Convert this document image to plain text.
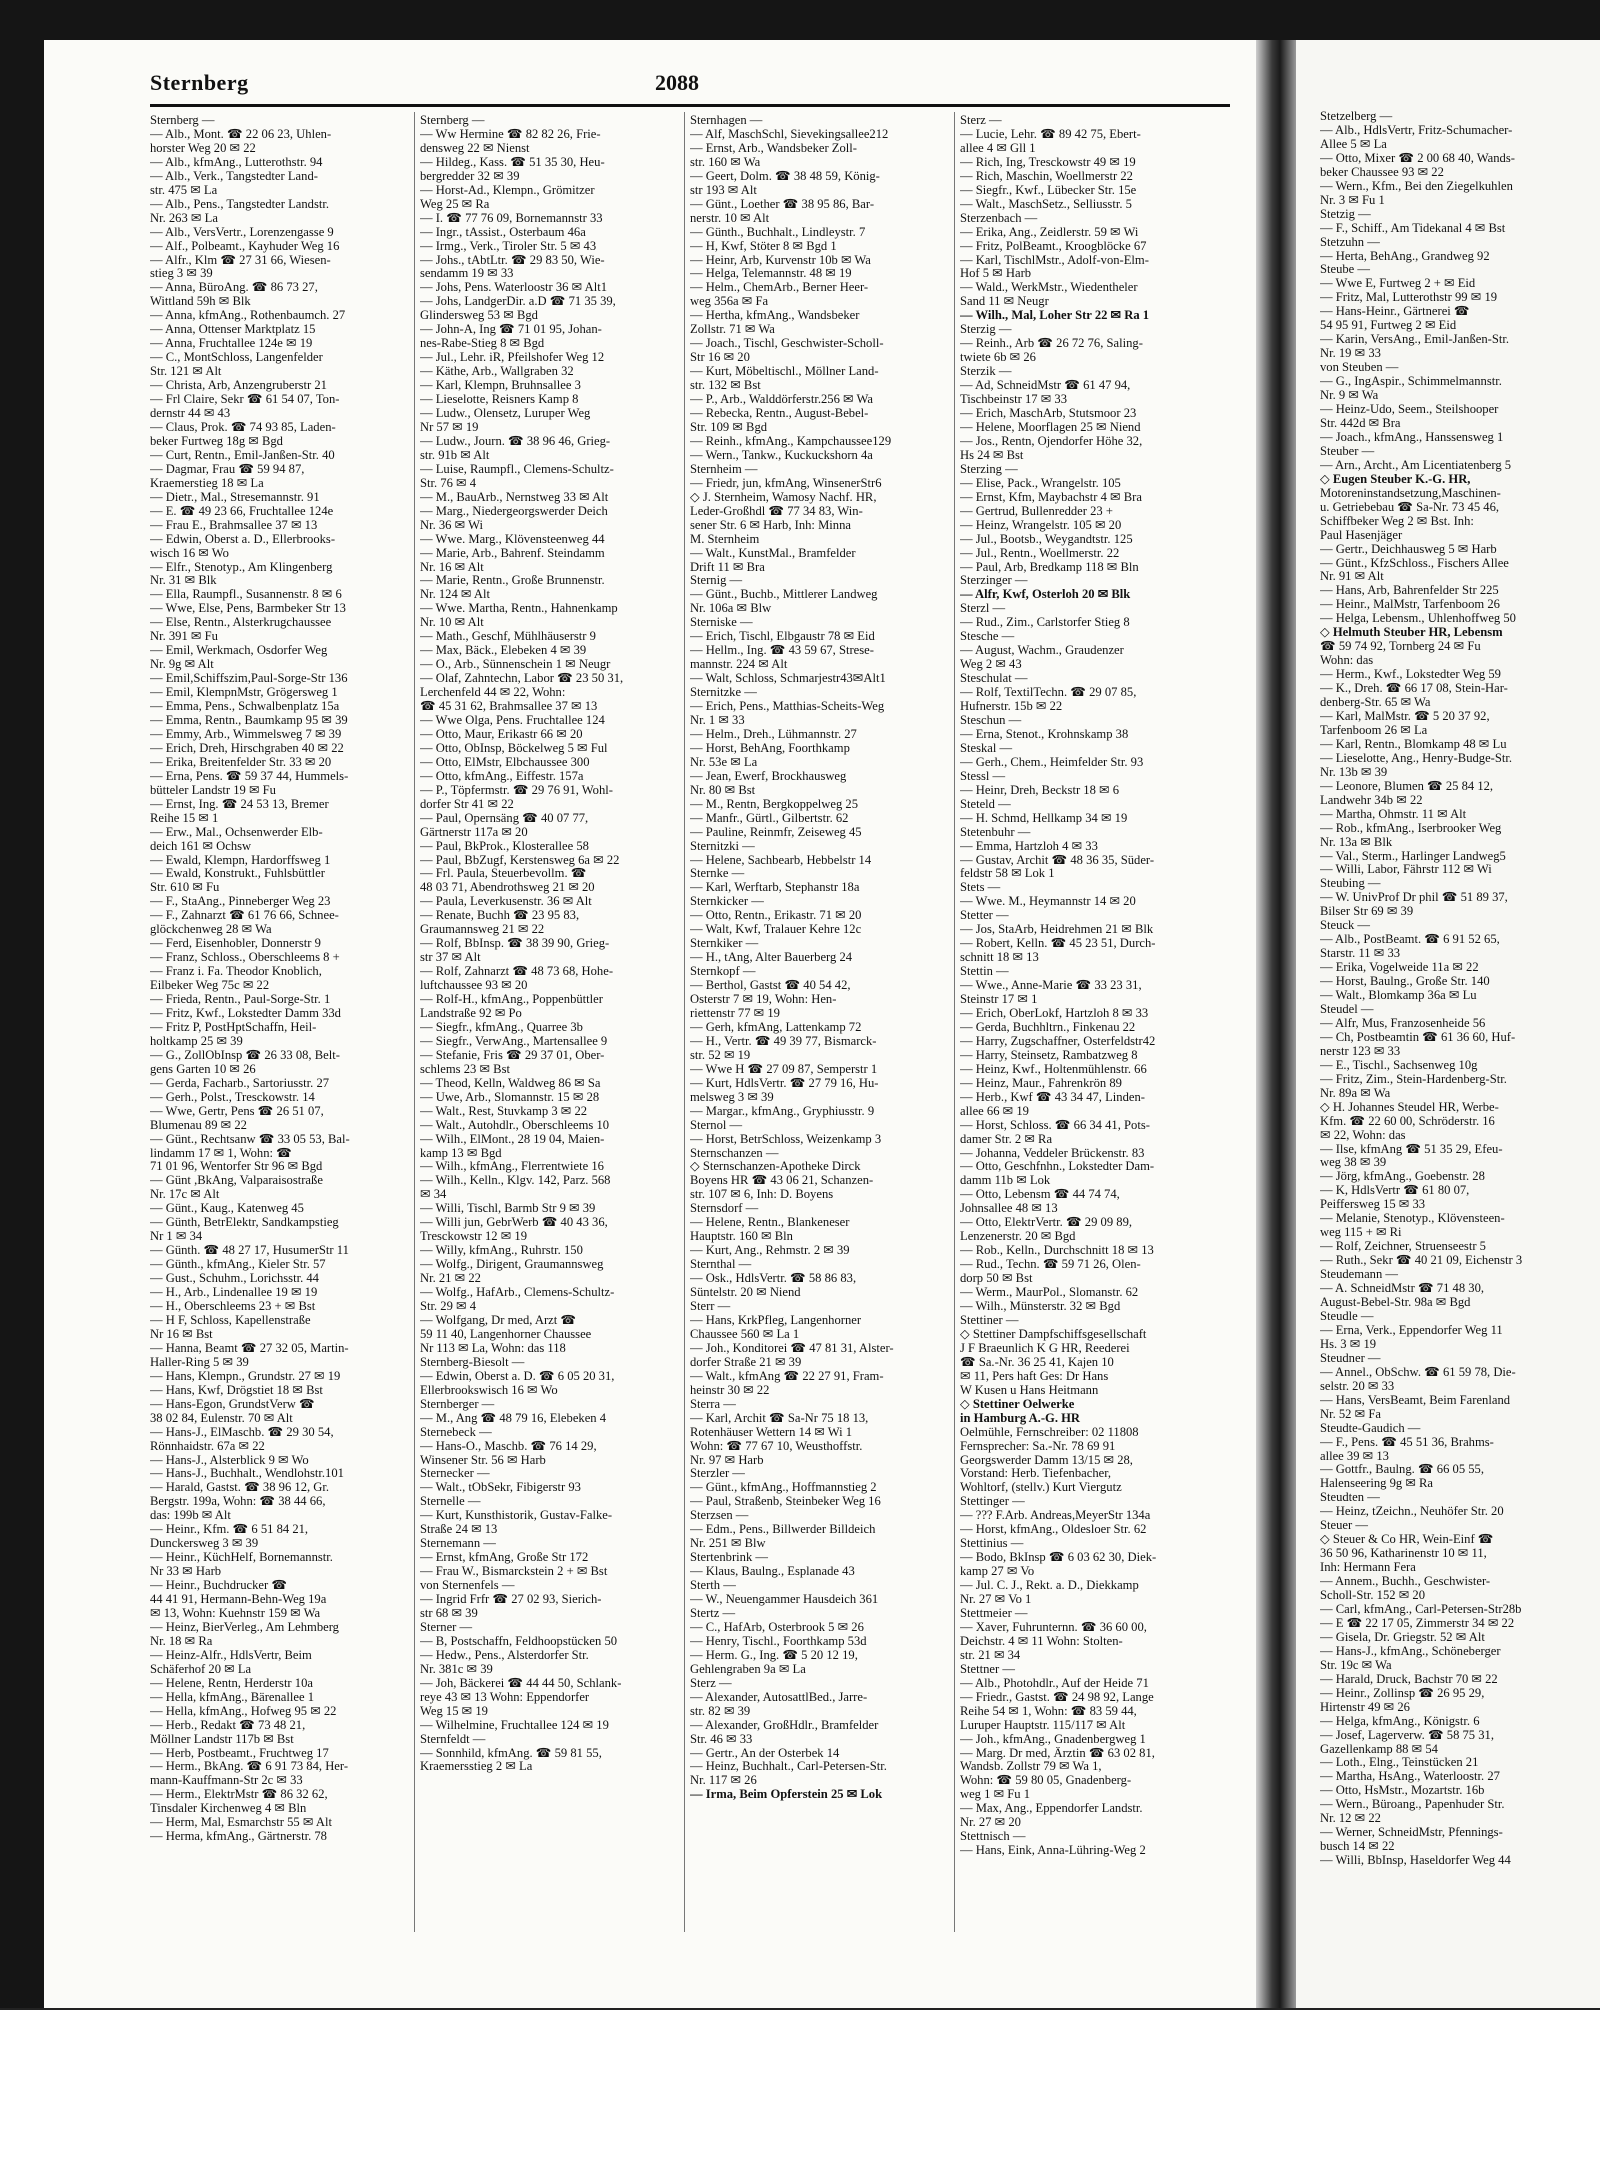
Stetzelberg —
— Alb., HdlsVertr, Fritz-Schumacher-
Allee 5 ✉ La
— Otto, Mixer ☎ 2 00 68 40, Wands-
beker Chaussee 93 ✉ 22
— Wern., Kfm., Bei den Ziegelkuhlen
Nr. 3 ✉ Fu 1
Stetzig —
— F., Schiff., Am Tidekanal 4 ✉ Bst
Stetzuhn —
— Herta, BehAng., Grandweg 92
Steube —
— Wwe E, Furtweg 2 + ✉ Eid
— Fritz, Mal, Lutterothstr 99 ✉ 19
— Hans-Heinr., Gärtnerei ☎
54 95 91, Furtweg 2 ✉ Eid
— Karin, VersAng., Emil-Janßen-Str.
Nr. 19 ✉ 33
von Steuben —
— G., IngAspir., Schimmelmannstr.
Nr. 9 ✉ Wa
— Heinz-Udo, Seem., Steilshooper
Str. 442d ✉ Bra
— Joach., kfmAng., Hanssensweg 1
Steuber —
— Arn., Archt., Am Licentiatenberg 5
◇ Eugen Steuber K.-G. HR,
Motoreninstandsetzung,Maschinen-
u. Getriebebau ☎ Sa-Nr. 73 45 46,
Schiffbeker Weg 2 ✉ Bst. Inh:
Paul Hasenjäger
— Gertr., Deichhausweg 5 ✉ Harb
— Günt., KfzSchloss., Fischers Allee
Nr. 91 ✉ Alt
— Hans, Arb, Bahrenfelder Str 225
— Heinr., MalMstr, Tarfenboom 26
— Helga, Lebensm., Uhlenhoffweg 50
◇ Helmuth Steuber HR, Lebensm
☎ 59 74 92, Tornberg 24 ✉ Fu
Wohn: das
— Herm., Kwf., Lokstedter Weg 59
— K., Dreh. ☎ 66 17 08, Stein-Har-
denberg-Str. 65 ✉ Wa
— Karl, MalMstr. ☎ 5 20 37 92,
Tarfenboom 26 ✉ La
— Karl, Rentn., Blomkamp 48 ✉ Lu
— Lieselotte, Ang., Henry-Budge-Str.
Nr. 13b ✉ 39
— Leonore, Blumen ☎ 25 84 12,
Landwehr 34b ✉ 22
— Martha, Ohmstr. 11 ✉ Alt
— Rob., kfmAng., Iserbrooker Weg
Nr. 13a ✉ Blk
— Val., Sterm., Harlinger Landweg5
— Willi, Labor, Fährstr 112 ✉ Wi
Steubing —
— W. UnivProf Dr phil ☎ 51 89 37,
Bilser Str 69 ✉ 39
Steuck —
— Alb., PostBeamt. ☎ 6 91 52 65,
Starstr. 11 ✉ 33
— Erika, Vogelweide 11a ✉ 22
— Horst, Baulng., Große Str. 140
— Walt., Blomkamp 36a ✉ Lu
Steudel —
— Alfr, Mus, Franzosenheide 56
— Ch, Postbeamtin ☎ 61 36 60, Huf-
nerstr 123 ✉ 33
— E., Tischl., Sachsenweg 10g
— Fritz, Zim., Stein-Hardenberg-Str.
Nr. 89a ✉ Wa
◇ H. Johannes Steudel HR, Werbe-
Kfm. ☎ 22 60 00, Schröderstr. 16
✉ 22, Wohn: das
— Ilse, kfmAng ☎ 51 35 29, Efeu-
weg 38 ✉ 39
— Jörg, kfmAng., Goebenstr. 28
— K, HdlsVertr ☎ 61 80 07,
Peiffersweg 15 ✉ 33
— Melanie, Stenotyp., Klövensteen-
weg 115 + ✉ Ri
— Rolf, Zeichner, Struenseestr 5
— Ruth., Sekr ☎ 40 21 09, Eichenstr 3
Steudemann —
— A. SchneidMstr ☎ 71 48 30,
August-Bebel-Str. 98a ✉ Bgd
Steudle —
— Erna, Verk., Eppendorfer Weg 11
Hs. 3 ✉ 19
Steudner —
— Annel., ObSchw. ☎ 61 59 78, Die-
selstr. 20 ✉ 33
— Hans, VersBeamt, Beim Farenland
Nr. 52 ✉ Fa
Steudte-Gaudich —
— F., Pens. ☎ 45 51 36, Brahms-
allee 39 ✉ 13
— Gottfr., Baulng. ☎ 66 05 55,
Halenseering 9g ✉ Ra
Steudten —
— Heinz, tZeichn., Neuhöfer Str. 20
Steuer —
◇ Steuer & Co HR, Wein-Einf ☎
36 50 96, Katharinenstr 10 ✉ 11,
Inh: Hermann Fera
— Annem., Buchh., Geschwister-
Scholl-Str. 152 ✉ 20
— Carl, kfmAng., Carl-Petersen-Str28b
— E ☎ 22 17 05, Zimmerstr 34 ✉ 22
— Gisela, Dr. Griegstr. 52 ✉ Alt
— Hans-J., kfmAng., Schöneberger
Str. 19c ✉ Wa
— Harald, Druck, Bachstr 70 ✉ 22
— Heinr., Zollinsp ☎ 26 95 29,
Hirtenstr 49 ✉ 26
— Helga, kfmAng., Königstr. 6
— Josef, Lagerverw. ☎ 58 75 31,
Gazellenkamp 88 ✉ 54
— Loth., Elng., Teinstücken 21
— Martha, HsAng., Waterloostr. 27
— Otto, HsMstr., Mozartstr. 16b
— Wern., Büroang., Papenhuder Str.
Nr. 12 ✉ 22
— Werner, SchneidMstr, Pfennings-
busch 14 ✉ 22
— Willi, BbInsp, Haseldorfer Weg 44
Sternberg	2088
Sternberg —
— Alb., Mont. ☎ 22 06 23, Uhlen-
horster Weg 20 ✉ 22
— Alb., kfmAng., Lutterothstr. 94
— Alb., Verk., Tangstedter Land-
str. 475 ✉ La
— Alb., Pens., Tangstedter Landstr.
Nr. 263 ✉ La
— Alb., VersVertr., Lorenzengasse 9
— Alf., Polbeamt., Kayhuder Weg 16
— Alfr., Klm ☎ 27 31 66, Wiesen-
stieg 3 ✉ 39
— Anna, BüroAng. ☎ 86 73 27,
Wittland 59h ✉ Blk
— Anna, kfmAng., Rothenbaumch. 27
— Anna, Ottenser Marktplatz 15
— Anna, Fruchtallee 124e ✉ 19
— C., MontSchloss, Langenfelder
Str. 121 ✉ Alt
— Christa, Arb, Anzengruberstr 21
— Frl Claire, Sekr ☎ 61 54 07, Ton-
dernstr 44 ✉ 43
— Claus, Prok. ☎ 74 93 85, Laden-
beker Furtweg 18g ✉ Bgd
— Curt, Rentn., Emil-Janßen-Str. 40
— Dagmar, Frau ☎ 59 94 87,
Kraemerstieg 18 ✉ La
— Dietr., Mal., Stresemannstr. 91
— E. ☎ 49 23 66, Fruchtallee 124e
— Frau E., Brahmsallee 37 ✉ 13
— Edwin, Oberst a. D., Ellerbrooks-
wisch 16 ✉ Wo
— Elfr., Stenotyp., Am Klingenberg
Nr. 31 ✉ Blk
— Ella, Raumpfl., Susannenstr. 8 ✉ 6
— Wwe, Else, Pens, Barmbeker Str 13
— Else, Rentn., Alsterkrugchaussee
Nr. 391 ✉ Fu
— Emil, Werkmach, Osdorfer Weg
Nr. 9g ✉ Alt
— Emil,Schiffszim,Paul-Sorge-Str 136
— Emil, KlempnMstr, Grögersweg 1
— Emma, Pens., Schwalbenplatz 15a
— Emma, Rentn., Baumkamp 95 ✉ 39
— Emmy, Arb., Wimmelsweg 7 ✉ 39
— Erich, Dreh, Hirschgraben 40 ✉ 22
— Erika, Breitenfelder Str. 33 ✉ 20
— Erna, Pens. ☎ 59 37 44, Hummels-
bütteler Landstr 19 ✉ Fu
— Ernst, Ing. ☎ 24 53 13, Bremer
Reihe 15 ✉ 1
— Erw., Mal., Ochsenwerder Elb-
deich 161 ✉ Ochsw
— Ewald, Klempn, Hardorffsweg 1
— Ewald, Konstrukt., Fuhlsbüttler
Str. 610 ✉ Fu
— F., StaAng., Pinneberger Weg 23
— F., Zahnarzt ☎ 61 76 66, Schnee-
glöckchenweg 28 ✉ Wa
— Ferd, Eisenhobler, Donnerstr 9
— Franz, Schloss., Oberschleems 8 +
— Franz i. Fa. Theodor Knoblich,
Eilbeker Weg 75c ✉ 22
— Frieda, Rentn., Paul-Sorge-Str. 1
— Fritz, Kwf., Lokstedter Damm 33d
— Fritz P, PostHptSchaffn, Heil-
holtkamp 25 ✉ 39
— G., ZollObInsp ☎ 26 33 08, Belt-
gens Garten 10 ✉ 26
— Gerda, Facharb., Sartoriusstr. 27
— Gerh., Polst., Tresckowstr. 14
— Wwe, Gertr, Pens ☎ 26 51 07,
Blumenau 89 ✉ 22
— Günt., Rechtsanw ☎ 33 05 53, Bal-
lindamm 17 ✉ 1, Wohn: ☎
71 01 96, Wentorfer Str 96 ✉ Bgd
— Günt ,BkAng, Valparaisostraße
Nr. 17c ✉ Alt
— Günt., Kaug., Katenweg 45
— Günth, BetrElektr, Sandkampstieg
Nr 1 ✉ 34
— Günth. ☎ 48 27 17, HusumerStr 11
— Günth., kfmAng., Kieler Str. 57
— Gust., Schuhm., Lorichsstr. 44
— H., Arb., Lindenallee 19 ✉ 19
— H., Oberschleems 23 + ✉ Bst
— H F, Schloss, Kapellenstraße
Nr 16 ✉ Bst
— Hanna, Beamt ☎ 27 32 05, Martin-
Haller-Ring 5 ✉ 39
— Hans, Klempn., Grundstr. 27 ✉ 19
— Hans, Kwf, Drögstiet 18 ✉ Bst
— Hans-Egon, GrundstVerw ☎
38 02 84, Eulenstr. 70 ✉ Alt
— Hans-J., ElMaschb. ☎ 29 30 54,
Rönnhaidstr. 67a ✉ 22
— Hans-J., Alsterblick 9 ✉ Wo
— Hans-J., Buchhalt., Wendlohstr.101
— Harald, Gastst. ☎ 38 96 12, Gr.
Bergstr. 199a, Wohn: ☎ 38 44 66,
das: 199b ✉ Alt
— Heinr., Kfm. ☎ 6 51 84 21,
Dunckersweg 3 ✉ 39
— Heinr., KüchHelf, Bornemannstr.
Nr 33 ✉ Harb
— Heinr., Buchdrucker ☎
44 41 91, Hermann-Behn-Weg 19a
✉ 13, Wohn: Kuehnstr 159 ✉ Wa
— Heinz, BierVerleg., Am Lehmberg
Nr. 18 ✉ Ra
— Heinz-Alfr., HdlsVertr, Beim
Schäferhof 20 ✉ La
— Helene, Rentn, Herderstr 10a
— Hella, kfmAng., Bärenallee 1
— Hella, kfmAng., Hofweg 95 ✉ 22
— Herb., Redakt ☎ 73 48 21,
Möllner Landstr 117b ✉ Bst
— Herb, Postbeamt., Fruchtweg 17
— Herm., BkAng. ☎ 6 91 73 84, Her-
mann-Kauffmann-Str 2c ✉ 33
— Herm., ElektrMstr ☎ 86 32 62,
Tinsdaler Kirchenweg 4 ✉ Bln
— Herm, Mal, Esmarchstr 55 ✉ Alt
— Herma, kfmAng., Gärtnerstr. 78
Sternberg —
— Ww Hermine ☎ 82 82 26, Frie-
densweg 22 ✉ Nienst
— Hildeg., Kass. ☎ 51 35 30, Heu-
bergredder 32 ✉ 39
— Horst-Ad., Klempn., Grömitzer
Weg 25 ✉ Ra
— I. ☎ 77 76 09, Bornemannstr 33
— Ingr., tAssist., Osterbaum 46a
— Irmg., Verk., Tiroler Str. 5 ✉ 43
— Johs., tAbtLtr. ☎ 29 83 50, Wie-
sendamm 19 ✉ 33
— Johs, Pens. Waterloostr 36 ✉ Alt1
— Johs, LandgerDir. a.D ☎ 71 35 39,
Glindersweg 53 ✉ Bgd
— John-A, Ing ☎ 71 01 95, Johan-
nes-Rabe-Stieg 8 ✉ Bgd
— Jul., Lehr. iR, Pfeilshofer Weg 12
— Käthe, Arb., Wallgraben 32
— Karl, Klempn, Bruhnsallee 3
— Lieselotte, Reisners Kamp 8
— Ludw., Olensetz, Luruper Weg
Nr 57 ✉ 19
— Ludw., Journ. ☎ 38 96 46, Grieg-
str. 91b ✉ Alt
— Luise, Raumpfl., Clemens-Schultz-
Str. 76 ✉ 4
— M., BauArb., Nernstweg 33 ✉ Alt
— Marg., Niedergeorgswerder Deich
Nr. 36 ✉ Wi
— Wwe. Marg., Klövensteenweg 44
— Marie, Arb., Bahrenf. Steindamm
Nr. 16 ✉ Alt
— Marie, Rentn., Große Brunnenstr.
Nr. 124 ✉ Alt
— Wwe. Martha, Rentn., Hahnenkamp
Nr. 10 ✉ Alt
— Math., Geschf, Mühlhäuserstr 9
— Max, Bäck., Elebeken 4 ✉ 39
— O., Arb., Sünnenschein 1 ✉ Neugr
— Olaf, Zahntechn, Labor ☎ 23 50 31,
Lerchenfeld 44 ✉ 22, Wohn:
☎ 45 31 62, Brahmsallee 37 ✉ 13
— Wwe Olga, Pens. Fruchtallee 124
— Otto, Maur, Erikastr 66 ✉ 20
— Otto, ObInsp, Böckelweg 5 ✉ Ful
— Otto, ElMstr, Elbchaussee 300
— Otto, kfmAng., Eiffestr. 157a
— P., Töpfermstr. ☎ 29 76 91, Wohl-
dorfer Str 41 ✉ 22
— Paul, Opernsäng ☎ 40 07 77,
Gärtnerstr 117a ✉ 20
— Paul, BkProk., Klosterallee 58
— Paul, BbZugf, Kerstensweg 6a ✉ 22
— Frl. Paula, Steuerbevollm. ☎
48 03 71, Abendrothsweg 21 ✉ 20
— Paula, Leverkusenstr. 36 ✉ Alt
— Renate, Buchh ☎ 23 95 83,
Graumannsweg 21 ✉ 22
— Rolf, BbInsp. ☎ 38 39 90, Grieg-
str 37 ✉ Alt
— Rolf, Zahnarzt ☎ 48 73 68, Hohe-
luftchaussee 93 ✉ 20
— Rolf-H., kfmAng., Poppenbüttler
Landstraße 92 ✉ Po
— Siegfr., kfmAng., Quarree 3b
— Siegfr., VerwAng., Martensallee 9
— Stefanie, Fris ☎ 29 37 01, Ober-
schlems 23 ✉ Bst
— Theod, Kelln, Waldweg 86 ✉ Sa
— Uwe, Arb., Slomannstr. 15 ✉ 28
— Walt., Rest, Stuvkamp 3 ✉ 22
— Walt., Autohdlr., Oberschleems 10
— Wilh., ElMont., 28 19 04, Maien-
kamp 13 ✉ Bgd
— Wilh., kfmAng., Flerrentwiete 16
— Wilh., Kelln., Klgv. 142, Parz. 568
✉ 34
— Willi, Tischl, Barmb Str 9 ✉ 39
— Willi jun, GebrWerb ☎ 40 43 36,
Tresckowstr 12 ✉ 19
— Willy, kfmAng., Ruhrstr. 150
— Wolfg., Dirigent, Graumannsweg
Nr. 21 ✉ 22
— Wolfg., HafArb., Clemens-Schultz-
Str. 29 ✉ 4
— Wolfgang, Dr med, Arzt ☎
59 11 40, Langenhorner Chaussee
Nr 113 ✉ La, Wohn: das 118
Sternberg-Biesolt —
— Edwin, Oberst a. D. ☎ 6 05 20 31,
Ellerbrookswisch 16 ✉ Wo
Sternberger —
— M., Ang ☎ 48 79 16, Elebeken 4
Sternebeck —
— Hans-O., Maschb. ☎ 76 14 29,
Winsener Str. 56 ✉ Harb
Sternecker —
— Walt., tObSekr, Fibigerstr 93
Sternelle —
— Kurt, Kunsthistorik, Gustav-Falke-
Straße 24 ✉ 13
Sternemann —
— Ernst, kfmAng, Große Str 172
— Frau W., Bismarckstein 2 + ✉ Bst
von Sternenfels —
— Ingrid Frfr ☎ 27 02 93, Sierich-
str 68 ✉ 39
Sterner —
— B, Postschaffn, Feldhoopstücken 50
— Hedw., Pens., Alsterdorfer Str.
Nr. 381c ✉ 39
— Joh, Bäckerei ☎ 44 44 50, Schlank-
reye 43 ✉ 13 Wohn: Eppendorfer
Weg 15 ✉ 19
— Wilhelmine, Fruchtallee 124 ✉ 19
Sternfeldt —
— Sonnhild, kfmAng. ☎ 59 81 55,
Kraemersstieg 2 ✉ La
Sternhagen —
— Alf, MaschSchl, Sievekingsallee212
— Ernst, Arb., Wandsbeker Zoll-
str. 160 ✉ Wa
— Geert, Dolm. ☎ 38 48 59, König-
str 193 ✉ Alt
— Günt., Loether ☎ 38 95 86, Bar-
nerstr. 10 ✉ Alt
— Günth., Buchhalt., Lindleystr. 7
— H, Kwf, Stöter 8 ✉ Bgd 1
— Heinr, Arb, Kurvenstr 10b ✉ Wa
— Helga, Telemannstr. 48 ✉ 19
— Helm., ChemArb., Berner Heer-
weg 356a ✉ Fa
— Hertha, kfmAng., Wandsbeker
Zollstr. 71 ✉ Wa
— Joach., Tischl, Geschwister-Scholl-
Str 16 ✉ 20
— Kurt, Möbeltischl., Möllner Land-
str. 132 ✉ Bst
— P., Arb., Walddörferstr.256 ✉ Wa
— Rebecka, Rentn., August-Bebel-
Str. 109 ✉ Bgd
— Reinh., kfmAng., Kampchaussee129
— Wern., Tankw., Kuckuckshorn 4a
Sternheim —
— Friedr, jun, kfmAng, WinsenerStr6
◇ J. Sternheim, Wamosy Nachf. HR,
Leder-Großhdl ☎ 77 34 83, Win-
sener Str. 6 ✉ Harb, Inh: Minna
M. Sternheim
— Walt., KunstMal., Bramfelder
Drift 11 ✉ Bra
Sternig —
— Günt., Buchb., Mittlerer Landweg
Nr. 106a ✉ Blw
Sterniske —
— Erich, Tischl, Elbgaustr 78 ✉ Eid
— Hellm., Ing. ☎ 43 59 67, Strese-
mannstr. 224 ✉ Alt
— Walt, Schloss, Schmarjestr43✉Alt1
Sternitzke —
— Erich, Pens., Matthias-Scheits-Weg
Nr. 1 ✉ 33
— Helm., Dreh., Lühmannstr. 27
— Horst, BehAng, Foorthkamp
Nr. 53e ✉ La
— Jean, Ewerf, Brockhausweg
Nr. 80 ✉ Bst
— M., Rentn, Bergkoppelweg 25
— Manfr., Gürtl., Gilbertstr. 62
— Pauline, Reinmfr, Zeiseweg 45
Sternitzki —
— Helene, Sachbearb, Hebbelstr 14
Sternke —
— Karl, Werftarb, Stephanstr 18a
Sternkicker —
— Otto, Rentn., Erikastr. 71 ✉ 20
— Walt, Kwf, Tralauer Kehre 12c
Sternkiker —
— H., tAng, Alter Bauerberg 24
Sternkopf —
— Berthol, Gastst ☎ 40 54 42,
Osterstr 7 ✉ 19, Wohn: Hen-
riettenstr 77 ✉ 19
— Gerh, kfmAng, Lattenkamp 72
— H., Vertr. ☎ 49 39 77, Bismarck-
str. 52 ✉ 19
— Wwe H ☎ 27 09 87, Semperstr 1
— Kurt, HdlsVertr. ☎ 27 79 16, Hu-
melsweg 3 ✉ 39
— Margar., kfmAng., Gryphiusstr. 9
Sternol —
— Horst, BetrSchloss, Weizenkamp 3
Sternschanzen —
◇ Sternschanzen-Apotheke Dirck
Boyens HR ☎ 43 06 21, Schanzen-
str. 107 ✉ 6, Inh: D. Boyens
Sternsdorf —
— Helene, Rentn., Blankeneser
Hauptstr. 160 ✉ Bln
— Kurt, Ang., Rehmstr. 2 ✉ 39
Sternthal —
— Osk., HdlsVertr. ☎ 58 86 83,
Süntelstr. 20 ✉ Niend
Sterr —
— Hans, KrkPfleg, Langenhorner
Chaussee 560 ✉ La 1
— Joh., Konditorei ☎ 47 81 31, Alster-
dorfer Straße 21 ✉ 39
— Walt., kfmAng ☎ 22 27 91, Fram-
heinstr 30 ✉ 22
Sterra —
— Karl, Archit ☎ Sa-Nr 75 18 13,
Rotenhäuser Wettern 14 ✉ Wi 1
Wohn: ☎ 77 67 10, Weusthoffstr.
Nr. 97 ✉ Harb
Sterzler —
— Günt., kfmAng., Hoffmannstieg 2
— Paul, Straßenb, Steinbeker Weg 16
Sterzsen —
— Edm., Pens., Billwerder Billdeich
Nr. 251 ✉ Blw
Stertenbrink —
— Klaus, Baulng., Esplanade 43
Sterth —
— W., Neuengammer Hausdeich 361
Stertz —
— C., HafArb, Osterbrook 5 ✉ 26
— Henry, Tischl., Foorthkamp 53d
— Herm. G., Ing. ☎ 5 20 12 19,
Gehlengraben 9a ✉ La
Sterz —
— Alexander, AutosattlBed., Jarre-
str. 82 ✉ 39
— Alexander, GroßHdlr., Bramfelder
Str. 46 ✉ 33
— Gertr., An der Osterbek 14
— Heinz, Buchhalt., Carl-Petersen-Str.
Nr. 117 ✉ 26
— Irma, Beim Opferstein 25 ✉ Lok
Sterz —
— Lucie, Lehr. ☎ 89 42 75, Ebert-
allee 4 ✉ Gll 1
— Rich, Ing, Tresckowstr 49 ✉ 19
— Rich, Maschin, Woellmerstr 22
— Siegfr., Kwf., Lübecker Str. 15e
— Walt., MaschSetz., Selliusstr. 5
Sterzenbach —
— Erika, Ang., Zeidlerstr. 59 ✉ Wi
— Fritz, PolBeamt., Kroogblöcke 67
— Karl, TischlMstr., Adolf-von-Elm-
Hof 5 ✉ Harb
— Wald., WerkMstr., Wiedentheler
Sand 11 ✉ Neugr
— Wilh., Mal, Loher Str 22 ✉ Ra 1
Sterzig —
— Reinh., Arb ☎ 26 72 76, Saling-
twiete 6b ✉ 26
Sterzik —
— Ad, SchneidMstr ☎ 61 47 94,
Tischbeinstr 17 ✉ 33
— Erich, MaschArb, Stutsmoor 23
— Helene, Moorflagen 25 ✉ Niend
— Jos., Rentn, Ojendorfer Höhe 32,
Hs 24 ✉ Bst
Sterzing —
— Elise, Pack., Wrangelstr. 105
— Ernst, Kfm, Maybachstr 4 ✉ Bra
— Gertrud, Bullenredder 23 +
— Heinz, Wrangelstr. 105 ✉ 20
— Jul., Bootsb., Weygandtstr. 125
— Jul., Rentn., Woellmerstr. 22
— Paul, Arb, Bredkamp 118 ✉ Bln
Sterzinger —
— Alfr, Kwf, Osterloh 20 ✉ Blk
Sterzl —
— Rud., Zim., Carlstorfer Stieg 8
Stesche —
— August, Wachm., Graudenzer
Weg 2 ✉ 43
Steschulat —
— Rolf, TextilTechn. ☎ 29 07 85,
Hufnerstr. 15b ✉ 22
Steschun —
— Erna, Stenot., Krohnskamp 38
Steskal —
— Gerh., Chem., Heimfelder Str. 93
Stessl —
— Heinr, Dreh, Beckstr 18 ✉ 6
Steteld —
— H. Schmd, Hellkamp 34 ✉ 19
Stetenbuhr —
— Emma, Hartzloh 4 ✉ 33
— Gustav, Archit ☎ 48 36 35, Süder-
feldstr 58 ✉ Lok 1
Stets —
— Wwe. M., Heymannstr 14 ✉ 20
Stetter —
— Jos, StaArb, Heidrehmen 21 ✉ Blk
— Robert, Kelln. ☎ 45 23 51, Durch-
schnitt 18 ✉ 13
Stettin —
— Wwe., Anne-Marie ☎ 33 23 31,
Steinstr 17 ✉ 1
— Erich, OberLokf, Hartzloh 8 ✉ 33
— Gerda, Buchhltrn., Finkenau 22
— Harry, Zugschaffner, Osterfeldstr42
— Harry, Steinsetz, Rambatzweg 8
— Heinz, Kwf., Holtenmühlenstr. 66
— Heinz, Maur., Fahrenkrön 89
— Herb., Kwf ☎ 43 34 47, Linden-
allee 66 ✉ 19
— Horst, Schloss. ☎ 66 34 41, Pots-
damer Str. 2 ✉ Ra
— Johanna, Veddeler Brückenstr. 83
— Otto, Geschfnhn., Lokstedter Dam-
damm 11b ✉ Lok
— Otto, Lebensm ☎ 44 74 74,
Johnsallee 48 ✉ 13
— Otto, ElektrVertr. ☎ 29 09 89,
Lenzenerstr. 20 ✉ Bgd
— Rob., Kelln., Durchschnitt 18 ✉ 13
— Rud., Techn. ☎ 59 71 26, Olen-
dorp 50 ✉ Bst
— Werm., MaurPol., Slomanstr. 62
— Wilh., Münsterstr. 32 ✉ Bgd
Stettiner —
◇ Stettiner Dampfschiffsgesellschaft
J F Braeunlich K G HR, Reederei
☎ Sa.-Nr. 36 25 41, Kajen 10
✉ 11, Pers haft Ges: Dr Hans
W Kusen u Hans Heitmann
◇ Stettiner Oelwerke
in Hamburg A.-G. HR
Oelmühle, Fernschreiber: 02 11808
Fernsprecher: Sa.-Nr. 78 69 91
Georgswerder Damm 13/15 ✉ 28,
Vorstand: Herb. Tiefenbacher,
Wohltorf, (stellv.) Kurt Viergutz
Stettinger —
— ??? F.Arb. Andreas,MeyerStr 134a
— Horst, kfmAng., Oldesloer Str. 62
Stettinius —
— Bodo, BkInsp ☎ 6 03 62 30, Diek-
kamp 27 ✉ Vo
— Jul. C. J., Rekt. a. D., Diekkamp
Nr. 27 ✉ Vo 1
Stettmeier —
— Xaver, Fuhrunternn. ☎ 36 60 00,
Deichstr. 4 ✉ 11 Wohn: Stolten-
str. 21 ✉ 34
Stettner —
— Alb., Photohdlr., Auf der Heide 71
— Friedr., Gastst. ☎ 24 98 92, Lange
Reihe 54 ✉ 1, Wohn: ☎ 83 59 44,
Luruper Hauptstr. 115/117 ✉ Alt
— Joh., kfmAng., Gnadenbergweg 1
— Marg. Dr med, Ärztin ☎ 63 02 81,
Wandsb. Zollstr 79 ✉ Wa 1,
Wohn: ☎ 59 80 05, Gnadenberg-
weg 1 ✉ Fu 1
— Max, Ang., Eppendorfer Landstr.
Nr. 27 ✉ 20
Stettnisch —
— Hans, Eink, Anna-Lühring-Weg 2
